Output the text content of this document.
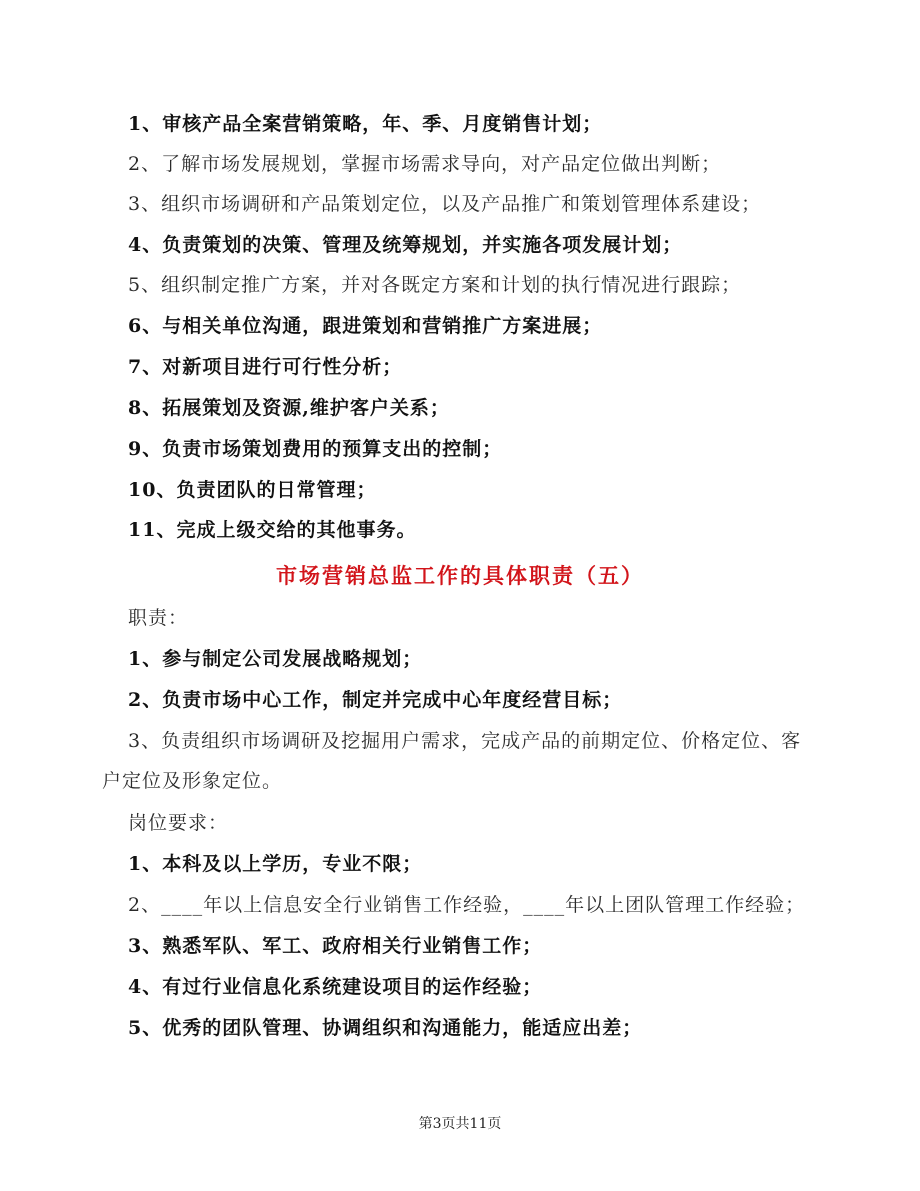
1、审核产品全案营销策略，年、季、月度销售计划；
2、了解市场发展规划，掌握市场需求导向，对产品定位做出判断；
3、组织市场调研和产品策划定位，以及产品推广和策划管理体系建设；
4、负责策划的决策、管理及统筹规划，并实施各项发展计划；
5、组织制定推广方案，并对各既定方案和计划的执行情况进行跟踪；
6、与相关单位沟通，跟进策划和营销推广方案进展；
7、对新项目进行可行性分析；
8、拓展策划及资源,维护客户关系；
9、负责市场策划费用的预算支出的控制；
10、负责团队的日常管理；
11、完成上级交给的其他事务。
市场营销总监工作的具体职责（五）
职责：
1、参与制定公司发展战略规划；
2、负责市场中心工作，制定并完成中心年度经营目标；
3、负责组织市场调研及挖掘用户需求，完成产品的前期定位、价格定位、客
户定位及形象定位。
岗位要求：
1、本科及以上学历，专业不限；
2、____年以上信息安全行业销售工作经验，____年以上团队管理工作经验；
3、熟悉军队、军工、政府相关行业销售工作；
4、有过行业信息化系统建设项目的运作经验；
5、优秀的团队管理、协调组织和沟通能力，能适应出差；
第3页共11页
